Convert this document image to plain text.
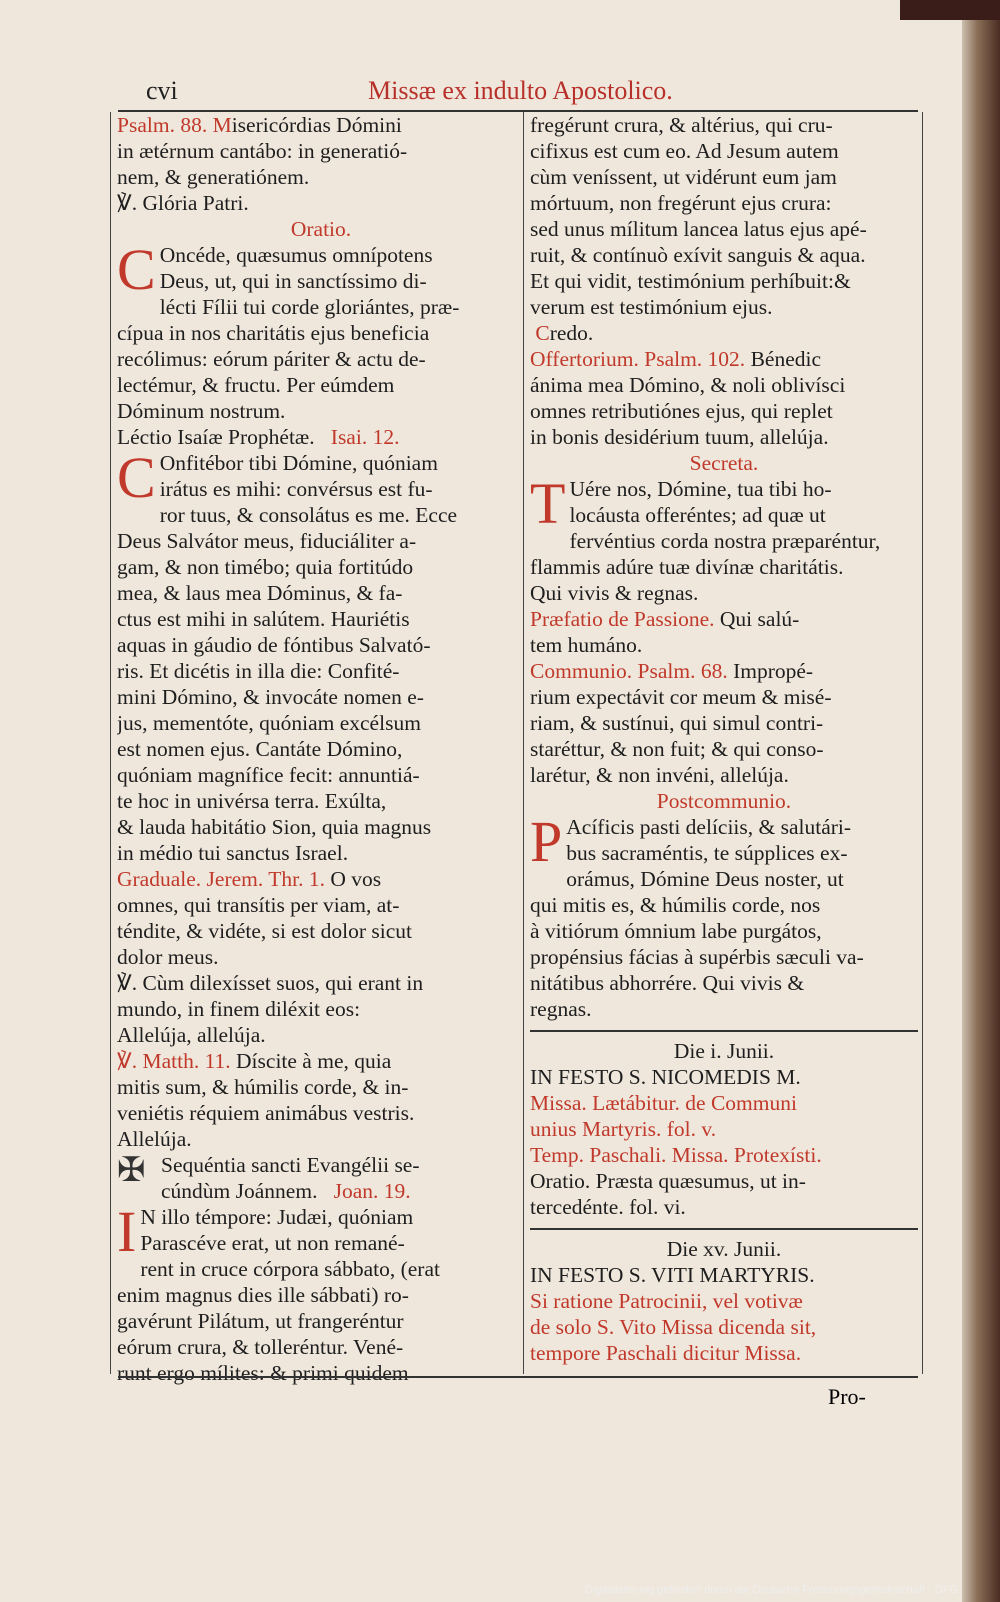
cvi	Missæ ex indulto Apostolico.
Psalm. 88. Misericórdias Dómini
in ætérnum cantábo: in generatió-
nem, & generatiónem.
℣. Glória Patri.
Oratio.
C Oncéde, quæsumus omnípotens
Deus, ut, qui in sanctíssimo di-
lécti Fílii tui corde gloriántes, præ-
cípua in nos charitátis ejus beneficia
recólimus: eórum páriter & actu de-
lectémur, & fructu. Per eúmdem
Dóminum nostrum.
Léctio Isaíæ Prophétæ. Isai. 12.
C Onfitébor tibi Dómine, quóniam
irátus es mihi: convérsus est fu-
ror tuus, & consolátus es me. Ecce
Deus Salvátor meus, fiduciáliter a-
gam, & non timébo; quia fortitúdo
mea, & laus mea Dóminus, & fa-
ctus est mihi in salútem. Hauriétis
aquas in gáudio de fóntibus Salvató-
ris. Et dicétis in illa die: Confité-
mini Dómino, & invocáte nomen e-
jus, mementóte, quóniam excélsum
est nomen ejus. Cantáte Dómino,
quóniam magnífice fecit: annuntiá-
te hoc in univérsa terra. Exúlta,
& lauda habitátio Sion, quia magnus
in médio tui sanctus Israel.
Graduale. Jerem. Thr. 1. O vos
omnes, qui transítis per viam, at-
téndite, & vidéte, si est dolor sicut
dolor meus.
℣. Cùm dilexísset suos, qui erant in
mundo, in finem diléxit eos:
Allelúja, allelúja.
℣. Matth. 11. Díscite à me, quia
mitis sum, & húmilis corde, & in-
veniétis réquiem animábus vestris.
Allelúja.
✠ Sequéntia sancti Evangélii se-
cúndùm Joánnem. Joan. 19.
I N illo témpore: Judæi, quóniam
Parascéve erat, ut non remané-
rent in cruce córpora sábbato, (erat
enim magnus dies ille sábbati) ro-
gavérunt Pilátum, ut frangeréntur
eórum crura, & tolleréntur. Vené-
runt ergo mílites: & primi quidem
fregérunt crura, & altérius, qui cru-
cifixus est cum eo. Ad Jesum autem
cùm veníssent, ut vidérunt eum jam
mórtuum, non fregérunt ejus crura:
sed unus mílitum lancea latus ejus apé-
ruit, & contínuò exívit sanguis & aqua.
Et qui vidit, testimónium perhíbuit:&
verum est testimónium ejus.
Credo.
Offertorium. Psalm. 102. Bénedic
ánima mea Dómino, & noli oblivísci
omnes retributiónes ejus, qui replet
in bonis desidérium tuum, allelúja.
Secreta.
T Uére nos, Dómine, tua tibi ho-
locáusta offeréntes; ad quæ ut
fervéntius corda nostra præparéntur,
flammis adúre tuæ divínæ charitátis.
Qui vivis & regnas.
Præfatio de Passione. Qui salú-
tem humáno.
Communio. Psalm. 68. Impropé-
rium expectávit cor meum & misé-
riam, & sustínui, qui simul contri-
staréttur, & non fuit; & qui conso-
larétur, & non invéni, allelúja.
Postcommunio.
P Acíficis pasti delíciis, & salutári-
bus sacraméntis, te súpplices ex-
orámus, Dómine Deus noster, ut
qui mitis es, & húmilis corde, nos
à vitiórum ómnium labe purgátos,
propénsius fácias à supérbis sæculi va-
nitátibus abhorrére. Qui vivis &
regnas.
Die i. Junii.
IN FESTO S. NICOMEDIS M.
Missa. Lætábitur. de Communi
unius Martyris. fol. v.
Temp. Paschali. Missa. Protexísti.
Oratio. Præsta quæsumus, ut in-
tercedénte. fol. vi.
Die xv. Junii.
IN FESTO S. VITI MARTYRIS.
Si ratione Patrocinii, vel votivæ
de solo S. Vito Missa dicenda sit,
tempore Paschali dicitur Missa.
Pro-
Digitalisierung gefördert durch die Deutsche Forschungsgemeinschaft · DFG
